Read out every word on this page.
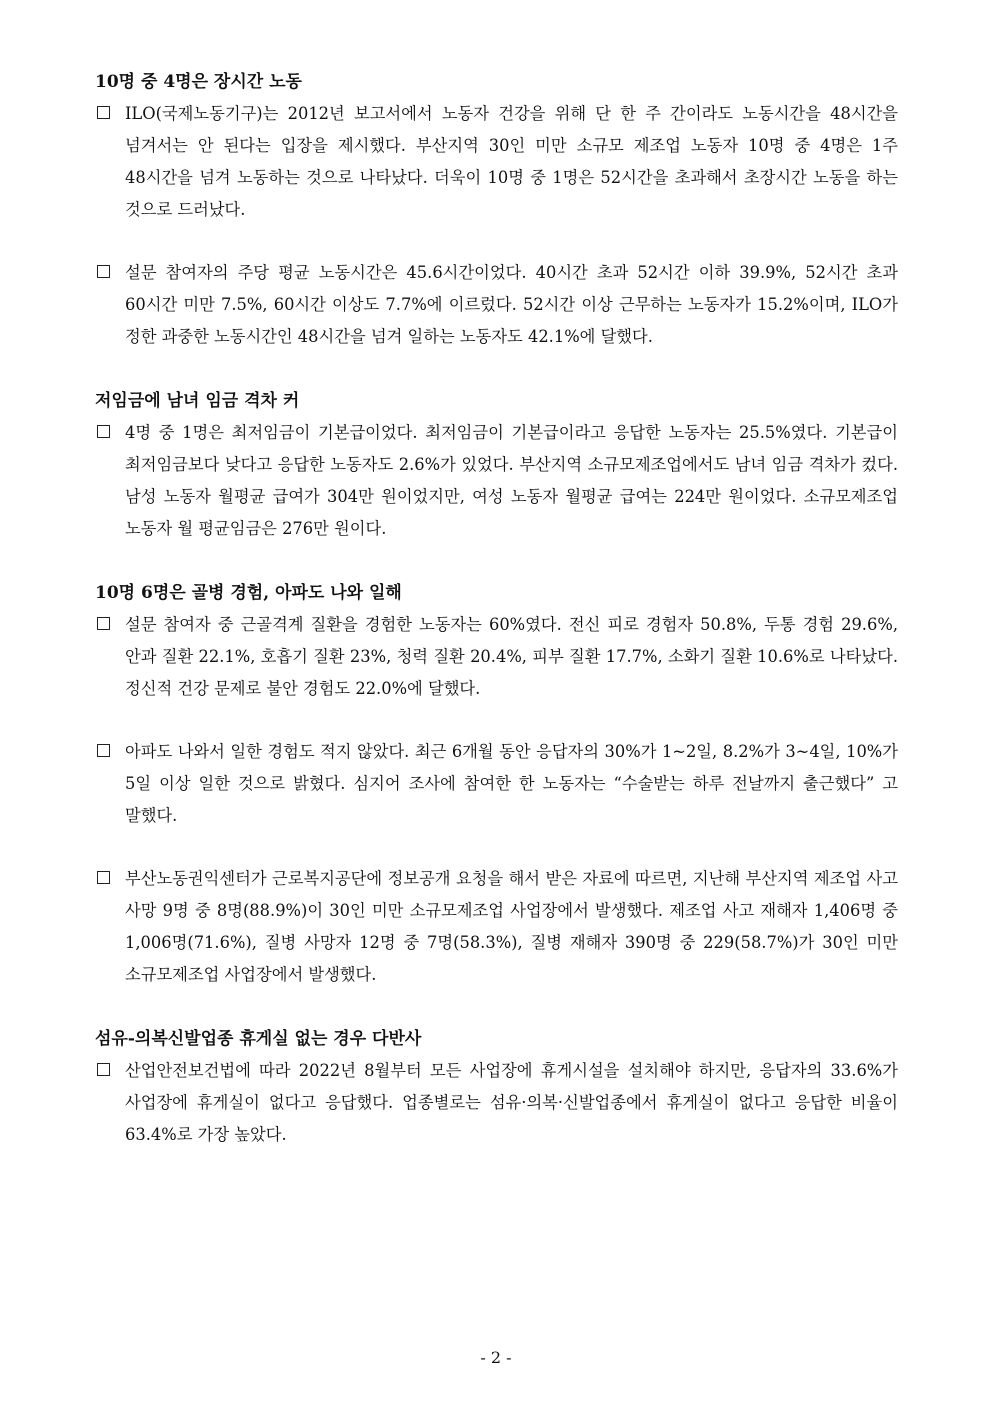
10명 중 4명은 장시간 노동
ILO(국제노동기구)는 2012년 보고서에서 노동자 건강을 위해 단 한 주 간이라도 노동시간을 48시간을 넘겨서는 안 된다는 입장을 제시했다. 부산지역 30인 미만 소규모 제조업 노동자 10명 중 4명은 1주 48시간을 넘겨 노동하는 것으로 나타났다. 더욱이 10명 중 1명은 52시간을 초과해서 초장시간 노동을 하는 것으로 드러났다.
설문 참여자의 주당 평균 노동시간은 45.6시간이었다. 40시간 초과 52시간 이하 39.9%, 52시간 초과 60시간 미만 7.5%, 60시간 이상도 7.7%에 이르렀다. 52시간 이상 근무하는 노동자가 15.2%이며, ILO가 정한 과중한 노동시간인 48시간을 넘겨 일하는 노동자도 42.1%에 달했다.
저임금에 남녀 임금 격차 커
4명 중 1명은 최저임금이 기본급이었다. 최저임금이 기본급이라고 응답한 노동자는 25.5%였다. 기본급이 최저임금보다 낮다고 응답한 노동자도 2.6%가 있었다. 부산지역 소규모제조업에서도 남녀 임금 격차가 컸다. 남성 노동자 월평균 급여가 304만 원이었지만, 여성 노동자 월평균 급여는 224만 원이었다. 소규모제조업 노동자 월 평균임금은 276만 원이다.
10명 6명은 골병 경험, 아파도 나와 일해
설문 참여자 중 근골격계 질환을 경험한 노동자는 60%였다. 전신 피로 경험자 50.8%, 두통 경험 29.6%, 안과 질환 22.1%, 호흡기 질환 23%, 청력 질환 20.4%, 피부 질환 17.7%, 소화기 질환 10.6%로 나타났다. 정신적 건강 문제로 불안 경험도 22.0%에 달했다.
아파도 나와서 일한 경험도 적지 않았다. 최근 6개월 동안 응답자의 30%가 1~2일, 8.2%가 3~4일, 10%가 5일 이상 일한 것으로 밝혔다. 심지어 조사에 참여한 한 노동자는 “수술받는 하루 전날까지 출근했다” 고 말했다.
부산노동권익센터가 근로복지공단에 정보공개 요청을 해서 받은 자료에 따르면, 지난해 부산지역 제조업 사고 사망 9명 중 8명(88.9%)이 30인 미만 소규모제조업 사업장에서 발생했다. 제조업 사고 재해자 1,406명 중 1,006명(71.6%), 질병 사망자 12명 중 7명(58.3%), 질병 재해자 390명 중 229(58.7%)가 30인 미만 소규모제조업 사업장에서 발생했다.
섬유-의복신발업종 휴게실 없는 경우 다반사
산업안전보건법에 따라 2022년 8월부터 모든 사업장에 휴게시설을 설치해야 하지만, 응답자의 33.6%가 사업장에 휴게실이 없다고 응답했다. 업종별로는 섬유·의복·신발업종에서 휴게실이 없다고 응답한 비율이 63.4%로 가장 높았다.
- 2 -
